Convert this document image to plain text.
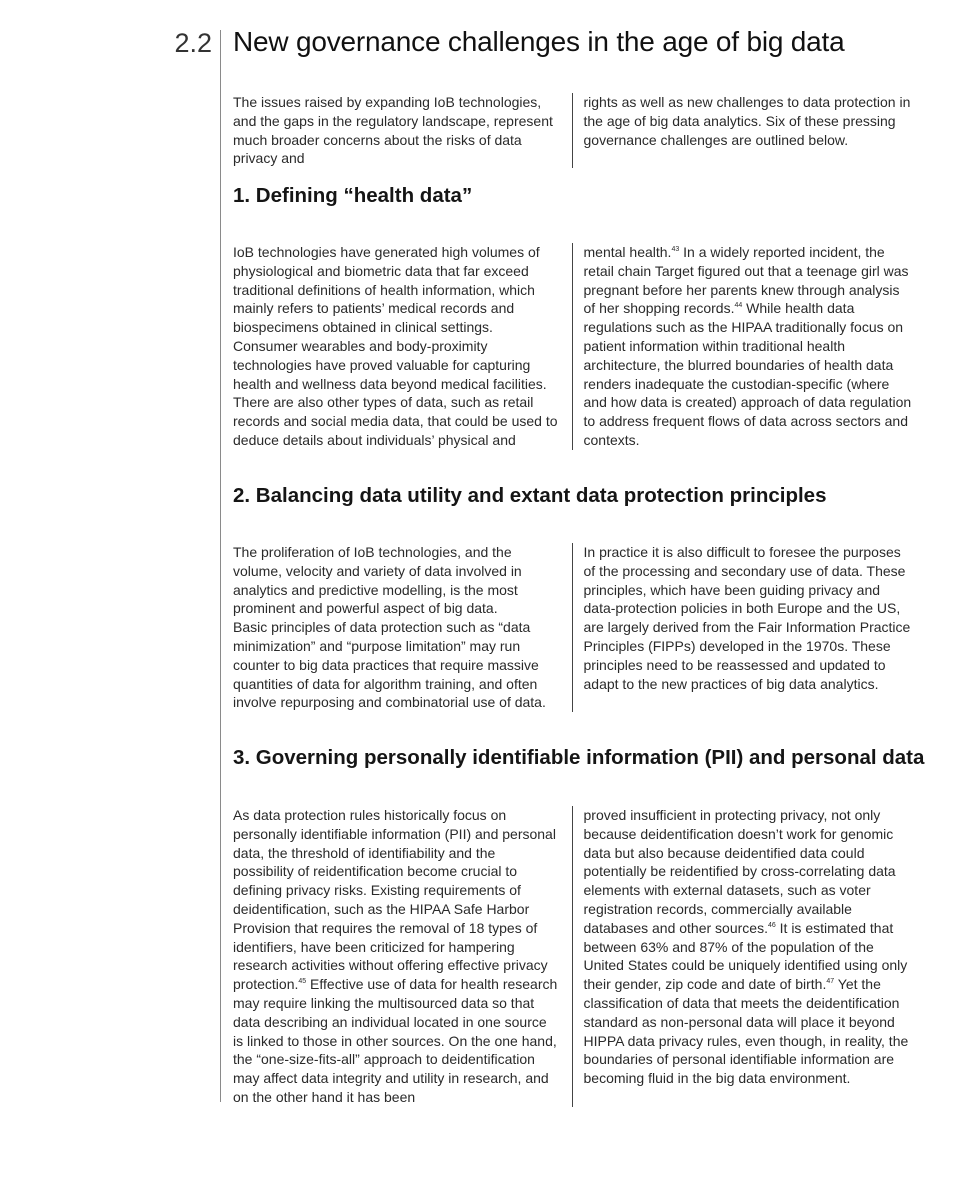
2.2 New governance challenges in the age of big data

The issues raised by expanding IoB technologies, and the gaps in the regulatory landscape, represent much broader concerns about the risks of data privacy and

rights as well as new challenges to data protection in the age of big data analytics. Six of these pressing governance challenges are outlined below.

1. Defining “health data”

IoB technologies have generated high volumes of physiological and biometric data that far exceed traditional definitions of health information, which mainly refers to patients’ medical records and biospecimens obtained in clinical settings. Consumer wearables and body-proximity technologies have proved valuable for capturing health and wellness data beyond medical facilities. There are also other types of data, such as retail records and social media data, that could be used to deduce details about individuals’ physical and

mental health.$^{43}$ In a widely reported incident, the retail chain Target figured out that a teenage girl was pregnant before her parents knew through analysis of her shopping records.$^{44}$ While health data regulations such as the HIPAA traditionally focus on patient information within traditional health architecture, the blurred boundaries of health data renders inadequate the custodian-specific (where and how data is created) approach of data regulation to address frequent flows of data across sectors and contexts.

2. Balancing data utility and extant data protection principles

The proliferation of IoB technologies, and the volume, velocity and variety of data involved in analytics and predictive modelling, is the most prominent and powerful aspect of big data.
Basic principles of data protection such as “data minimization” and “purpose limitation” may run counter to big data practices that require massive quantities of data for algorithm training, and often involve repurposing and combinatorial use of data.

In practice it is also difficult to foresee the purposes of the processing and secondary use of data. These principles, which have been guiding privacy and data-protection policies in both Europe and the US, are largely derived from the Fair Information Practice Principles (FIPPs) developed in the 1970s. These principles need to be reassessed and updated to adapt to the new practices of big data analytics.

3. Governing personally identifiable information (PII) and personal data

As data protection rules historically focus on personally identifiable information (PII) and personal data, the threshold of identifiability and the possibility of reidentification become crucial to defining privacy risks. Existing requirements of deidentification, such as the HIPAA Safe Harbor Provision that requires the removal of 18 types of identifiers, have been criticized for hampering research activities without offering effective privacy protection.$^{45}$ Effective use of data for health research may require linking the multisourced data so that data describing an individual located in one source is linked to those in other sources. On the one hand, the “one-size-fits-all” approach to deidentification may affect data integrity and utility in research, and on the other hand it has been

proved insufficient in protecting privacy, not only because deidentification doesn’t work for genomic data but also because deidentified data could potentially be reidentified by cross-correlating data elements with external datasets, such as voter registration records, commercially available databases and other sources.$^{46}$ It is estimated that between 63% and 87% of the population of the United States could be uniquely identified using only their gender, zip code and date of birth.$^{47}$ Yet the classification of data that meets the deidentification standard as non-personal data will place it beyond HIPPA data privacy rules, even though, in reality, the boundaries of personal identifiable information are becoming fluid in the big data environment.
